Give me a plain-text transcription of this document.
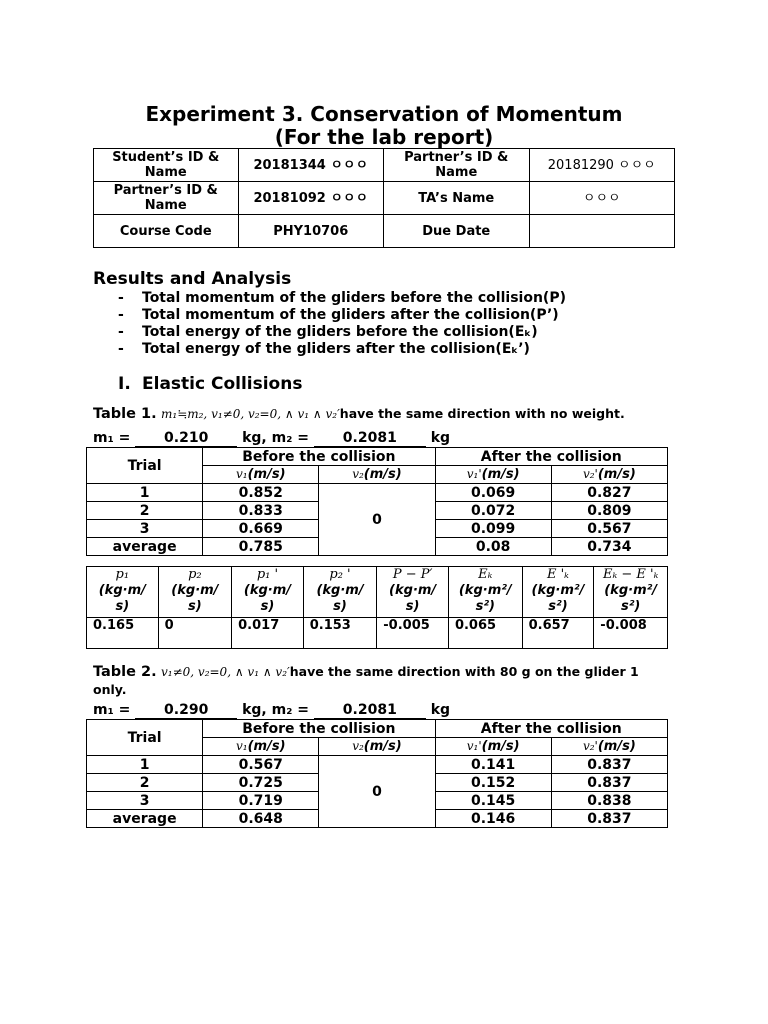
Experiment 3. Conservation of Momentum
(For the lab report)
Student’s ID & Name	20181344 ㅇㅇㅇ	Partner’s ID & Name	20181290 ㅇㅇㅇ
Partner’s ID & Name	20181092 ㅇㅇㅇ	TA’s Name	ㅇㅇㅇ
Course Code	PHY10706	Due Date	
Results and Analysis
- Total momentum of the gliders before the collision(P)
- Total momentum of the gliders after the collision(P’)
- Total energy of the gliders before the collision(Eₖ)
- Total energy of the gliders after the collision(Eₖ’)
I. Elastic Collisions
Table 1. m₁≒m₂, v₁≠0, v₂=0, ∧ v₁ ∧ v₂′have the same direction with no weight.
m₁ = 0.210 kg, m₂ = 0.2081 kg
Trial	Before the collision		After the collision	
	v₁(m/s)	v₂(m/s)	v₁'(m/s)	v₂'(m/s)
1	0.852	0	0.069	0.827
2	0.833		0.072	0.809
3	0.669		0.099	0.567
average	0.785		0.08	0.734
p₁
(kg·m/
s)	p₂
(kg·m/
s)	p₁ '
(kg·m/
s)	p₂ '
(kg·m/
s)	P − P′
(kg·m/
s)	Eₖ
(kg·m²/
s²)	E 'ₖ
(kg·m²/
s²)	Eₖ − E 'ₖ
(kg·m²/
s²)
0.165	0	0.017	0.153	-0.005	0.065	0.657	-0.008
Table 2. v₁≠0, v₂=0, ∧ v₁ ∧ v₂′have the same direction with 80 g on the glider 1
only.
m₁ = 0.290 kg, m₂ = 0.2081 kg
Trial	Before the collision		After the collision	
	v₁(m/s)	v₂(m/s)	v₁'(m/s)	v₂'(m/s)
1	0.567	0	0.141	0.837
2	0.725		0.152	0.837
3	0.719		0.145	0.838
average	0.648		0.146	0.837
